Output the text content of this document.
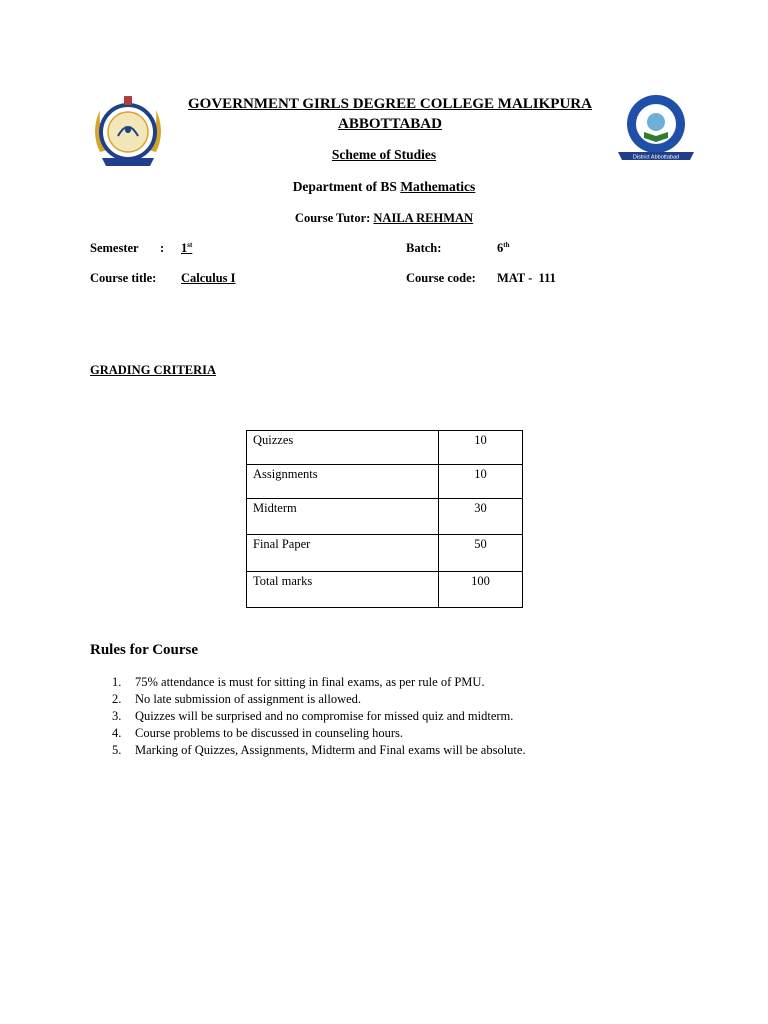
District Abbottabad
GOVERNMENT GIRLS DEGREE COLLEGE MALIKPURA
ABBOTTABAD
Scheme of Studies
Department of BS Mathematics
Course Tutor: NAILA REHMAN
Semester : 1st	Batch:	6th
Course title: Calculus I	Course code: MAT -  111
GRADING CRITERIA
Quizzes	10
Assignments	10
Midterm	30
Final Paper	50
Total marks	100
Rules for Course
1. 75% attendance is must for sitting in final exams, as per rule of PMU.
2. No late submission of assignment is allowed.
3. Quizzes will be surprised and no compromise for missed quiz and midterm.
4. Course problems to be discussed in counseling hours.
5. Marking of Quizzes, Assignments, Midterm and Final exams will be absolute.
